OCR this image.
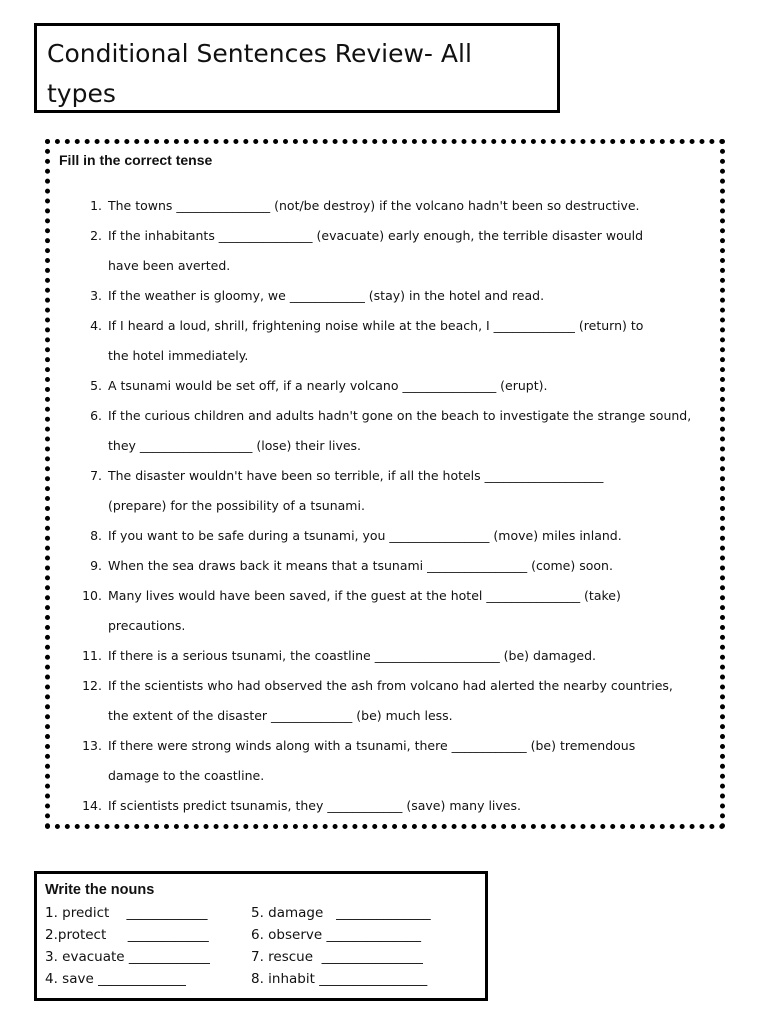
Conditional Sentences Review- All
types
Fill in the correct tense
1. The towns _______________ (not/be destroy) if the volcano hadn't been so destructive.
2. If the inhabitants _______________ (evacuate) early enough, the terrible disaster would
have been averted.
3. If the weather is gloomy, we ____________ (stay) in the hotel and read.
4. If I heard a loud, shrill, frightening noise while at the beach, I _____________ (return) to
the hotel immediately.
5. A tsunami would be set off, if a nearly volcano _______________ (erupt).
6. If the curious children and adults hadn't gone on the beach to investigate the strange sound,
they __________________ (lose) their lives.
7. The disaster wouldn't have been so terrible, if all the hotels ___________________
(prepare) for the possibility of a tsunami.
8. If you want to be safe during a tsunami, you ________________ (move) miles inland.
9. When the sea draws back it means that a tsunami ________________ (come) soon.
10. Many lives would have been saved, if the guest at the hotel _______________ (take)
precautions.
11. If there is a serious tsunami, the coastline ____________________ (be) damaged.
12. If the scientists who had observed the ash from volcano had alerted the nearby countries,
the extent of the disaster _____________ (be) much less.
13. If there were strong winds along with a tsunami, there ____________ (be) tremendous
damage to the coastline.
14. If scientists predict tsunamis, they ____________ (save) many lives.
Write the nouns
1. predict    ____________	5. damage   ______________
2.protect     ____________	6. observe ______________
3. evacuate ____________	7. rescue  _______________
4. save _____________	8. inhabit ________________
